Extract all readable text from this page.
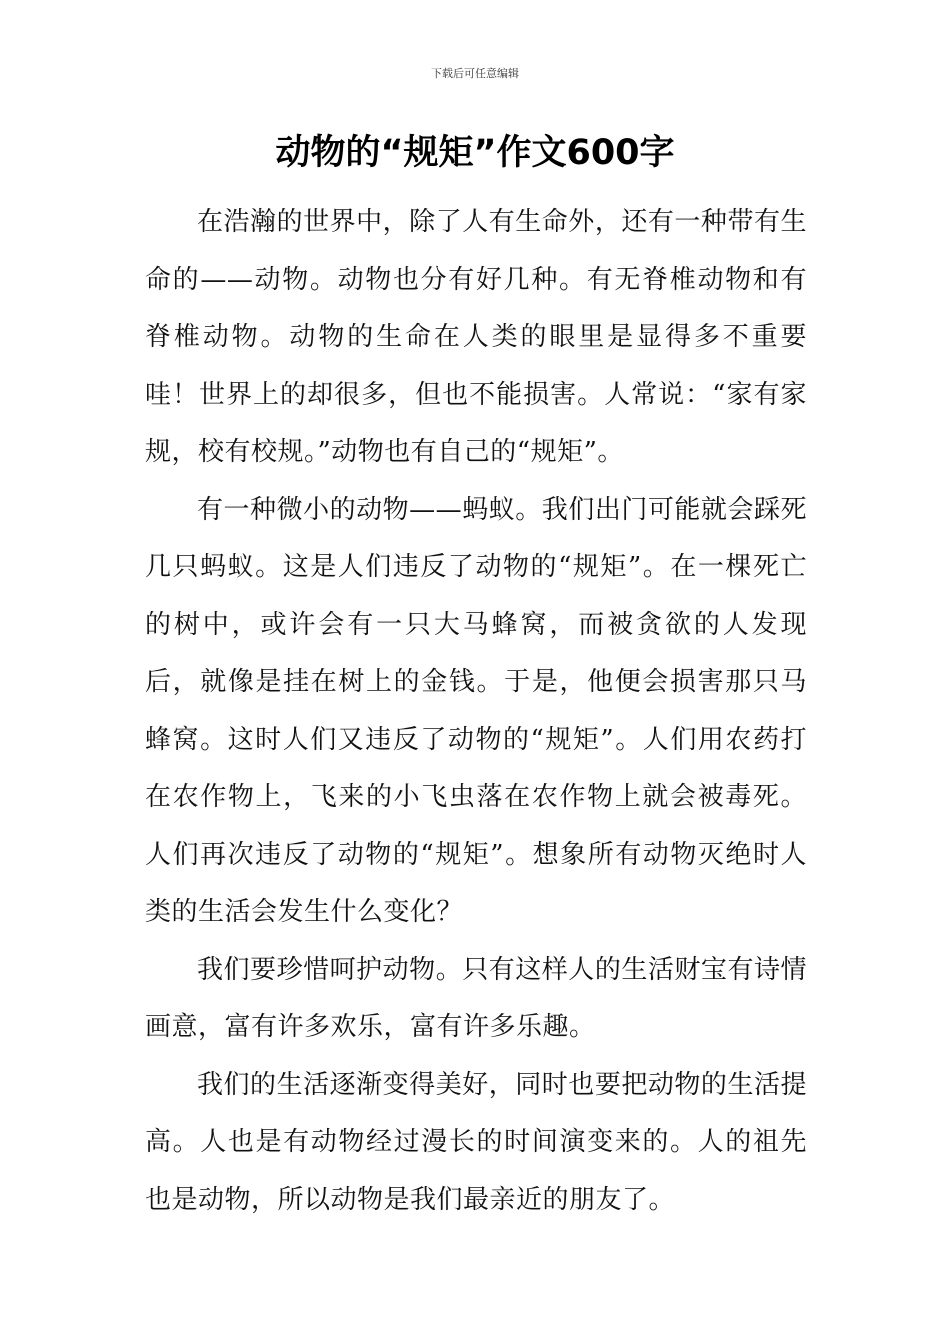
下载后可任意编辑
动物的“规矩”作文600字

在浩瀚的世界中，除了人有生命外，还有一种带有生命的——动物。动物也分有好几种。有无脊椎动物和有脊椎动物。动物的生命在人类的眼里是显得多不重要哇！世界上的却很多，但也不能损害。人常说：“家有家规，校有校规。”动物也有自己的“规矩”。

有一种微小的动物——蚂蚁。我们出门可能就会踩死几只蚂蚁。这是人们违反了动物的“规矩”。在一棵死亡的树中，或许会有一只大马蜂窝，而被贪欲的人发现后，就像是挂在树上的金钱。于是，他便会损害那只马蜂窝。这时人们又违反了动物的“规矩”。人们用农药打在农作物上，飞来的小飞虫落在农作物上就会被毒死。人们再次违反了动物的“规矩”。想象所有动物灭绝时人类的生活会发生什么变化？

我们要珍惜呵护动物。只有这样人的生活财宝有诗情画意，富有许多欢乐，富有许多乐趣。

我们的生活逐渐变得美好，同时也要把动物的生活提高。人也是有动物经过漫长的时间演变来的。人的祖先也是动物，所以动物是我们最亲近的朋友了。
